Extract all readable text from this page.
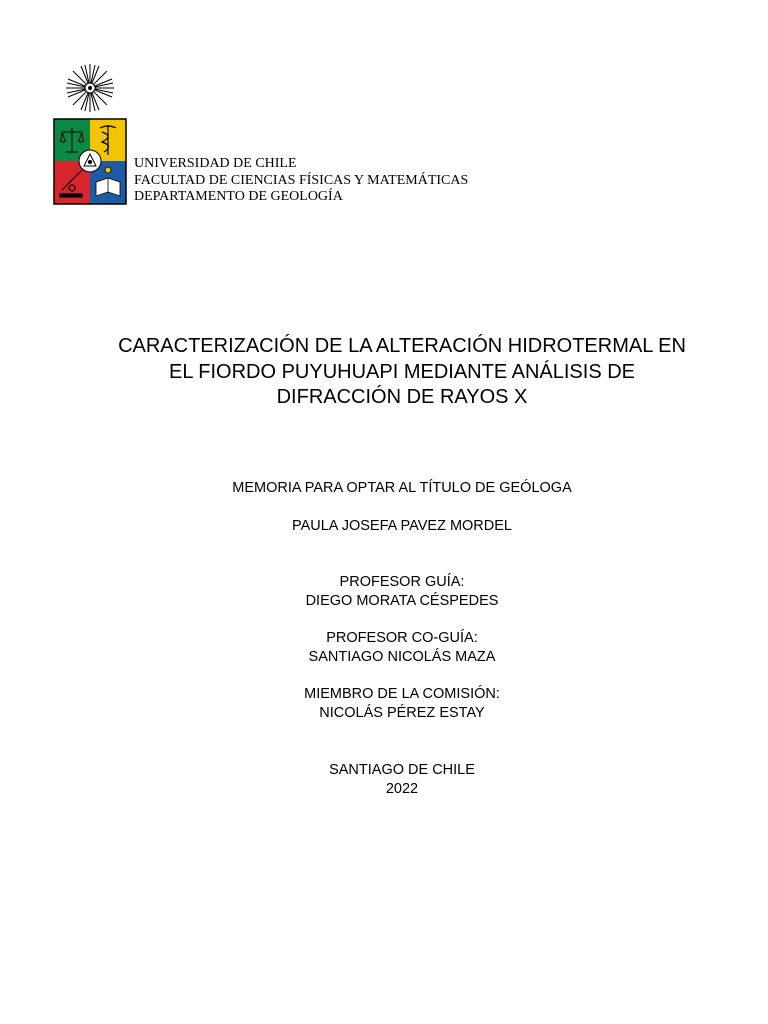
UNIVERSIDAD DE CHILE
FACULTAD DE CIENCIAS FÍSICAS Y MATEMÁTICAS
DEPARTAMENTO DE GEOLOGÍA
CARACTERIZACIÓN DE LA ALTERACIÓN HIDROTERMAL EN
EL FIORDO PUYUHUAPI MEDIANTE ANÁLISIS DE
DIFRACCIÓN DE RAYOS X
MEMORIA PARA OPTAR AL TÍTULO DE GEÓLOGA
PAULA JOSEFA PAVEZ MORDEL
PROFESOR GUÍA:
DIEGO MORATA CÉSPEDES
PROFESOR CO-GUÍA:
SANTIAGO NICOLÁS MAZA
MIEMBRO DE LA COMISIÓN:
NICOLÁS PÉREZ ESTAY
SANTIAGO DE CHILE
2022
